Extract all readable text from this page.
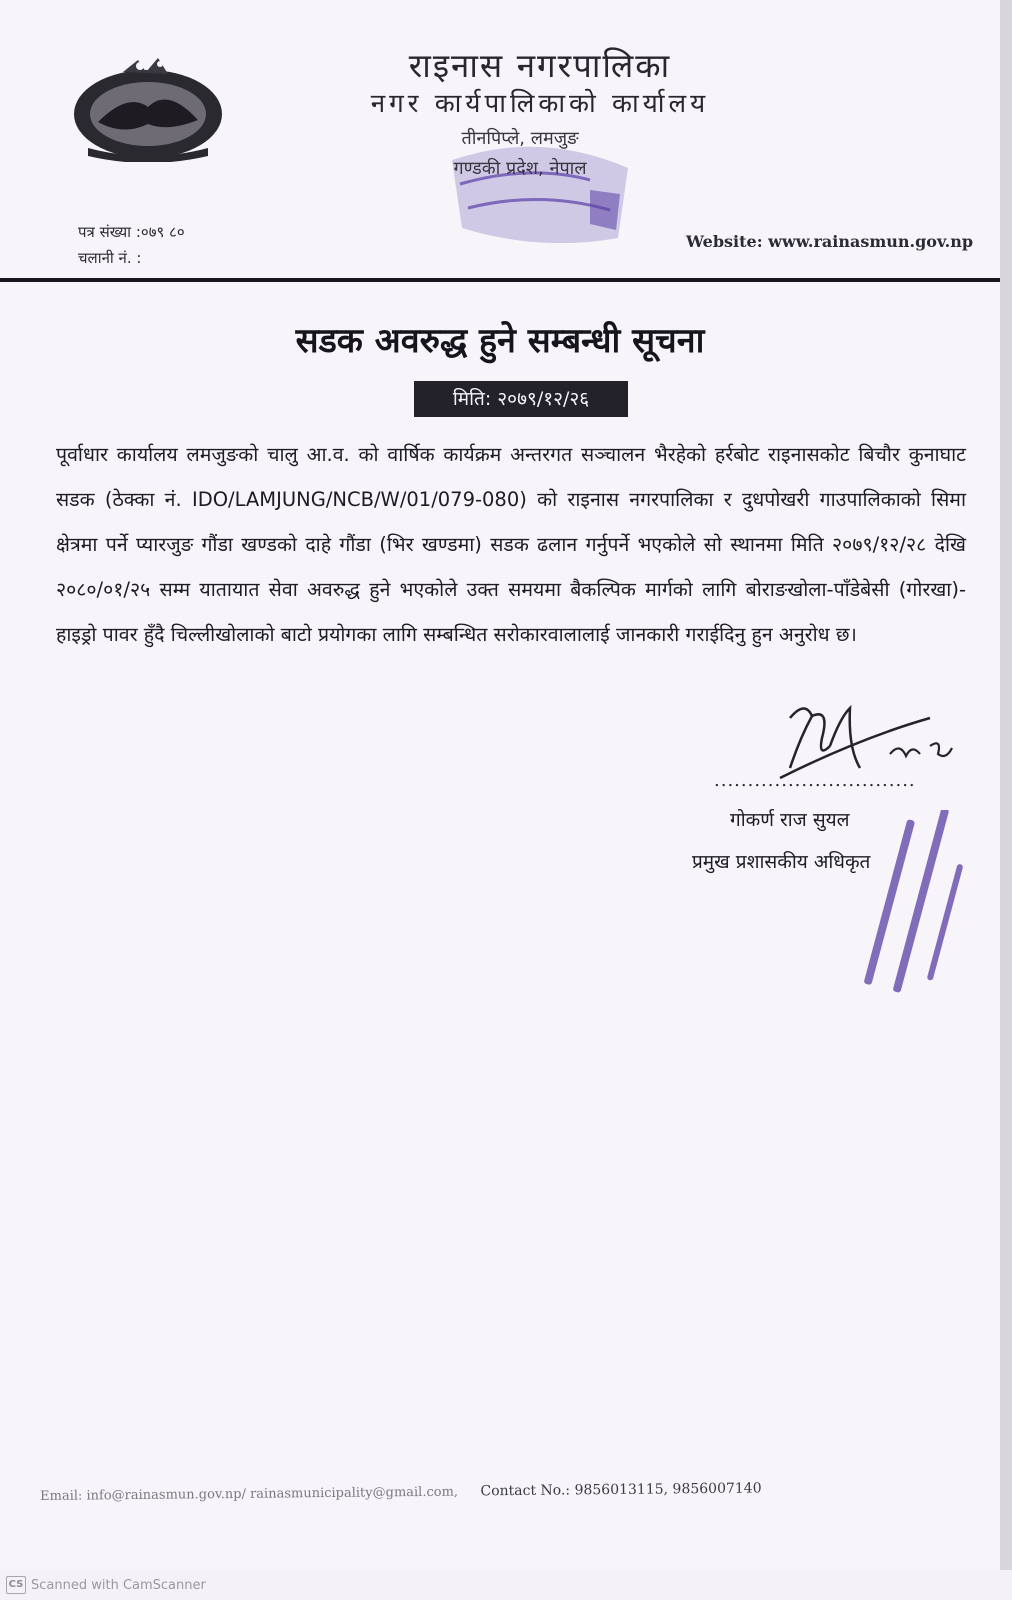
राइनास नगरपालिका
नगर कार्यपालिकाको कार्यालय
तीनपिप्ले, लमजुङ
गण्डकी प्रदेश, नेपाल
पत्र संख्या :०७९ ८०
चलानी नं. :
Website: www.rainasmun.gov.np
सडक अवरुद्ध हुने सम्बन्धी सूचना
मिति: २०७९/१२/२६
पूर्वाधार कार्यालय लमजुङको चालु आ.व. को वार्षिक कार्यक्रम अन्तरगत सञ्चालन भैरहेको हर्रबोट राइनासकोट बिचौर कुनाघाट सडक (ठेक्का नं. IDO/LAMJUNG/NCB/W/01/079-080) को राइनास नगरपालिका र दुधपोखरी गाउपालिकाको सिमा क्षेत्रमा पर्ने प्यारजुङ गौंडा खण्डको दाहे गौंडा (भिर खण्डमा) सडक ढलान गर्नुपर्ने भएकोले सो स्थानमा मिति २०७९/१२/२८ देखि २०८०/०१/२५ सम्म यातायात सेवा अवरुद्ध हुने भएकोले उक्त समयमा बैकल्पिक मार्गको लागि बोराङखोला-पाँडेबेसी (गोरखा)-हाइड्रो पावर हुँदै चिल्लीखोलाको बाटो प्रयोगका लागि सम्बन्धित सरोकारवालालाई जानकारी गराईदिनु हुन अनुरोध छ।
..............................
गोकर्ण राज सुयल
प्रमुख प्रशासकीय अधिकृत
Email: info@rainasmun.gov.np/ rainasmunicipality@gmail.com, Contact No.: 9856013115, 9856007140
CS Scanned with CamScanner
